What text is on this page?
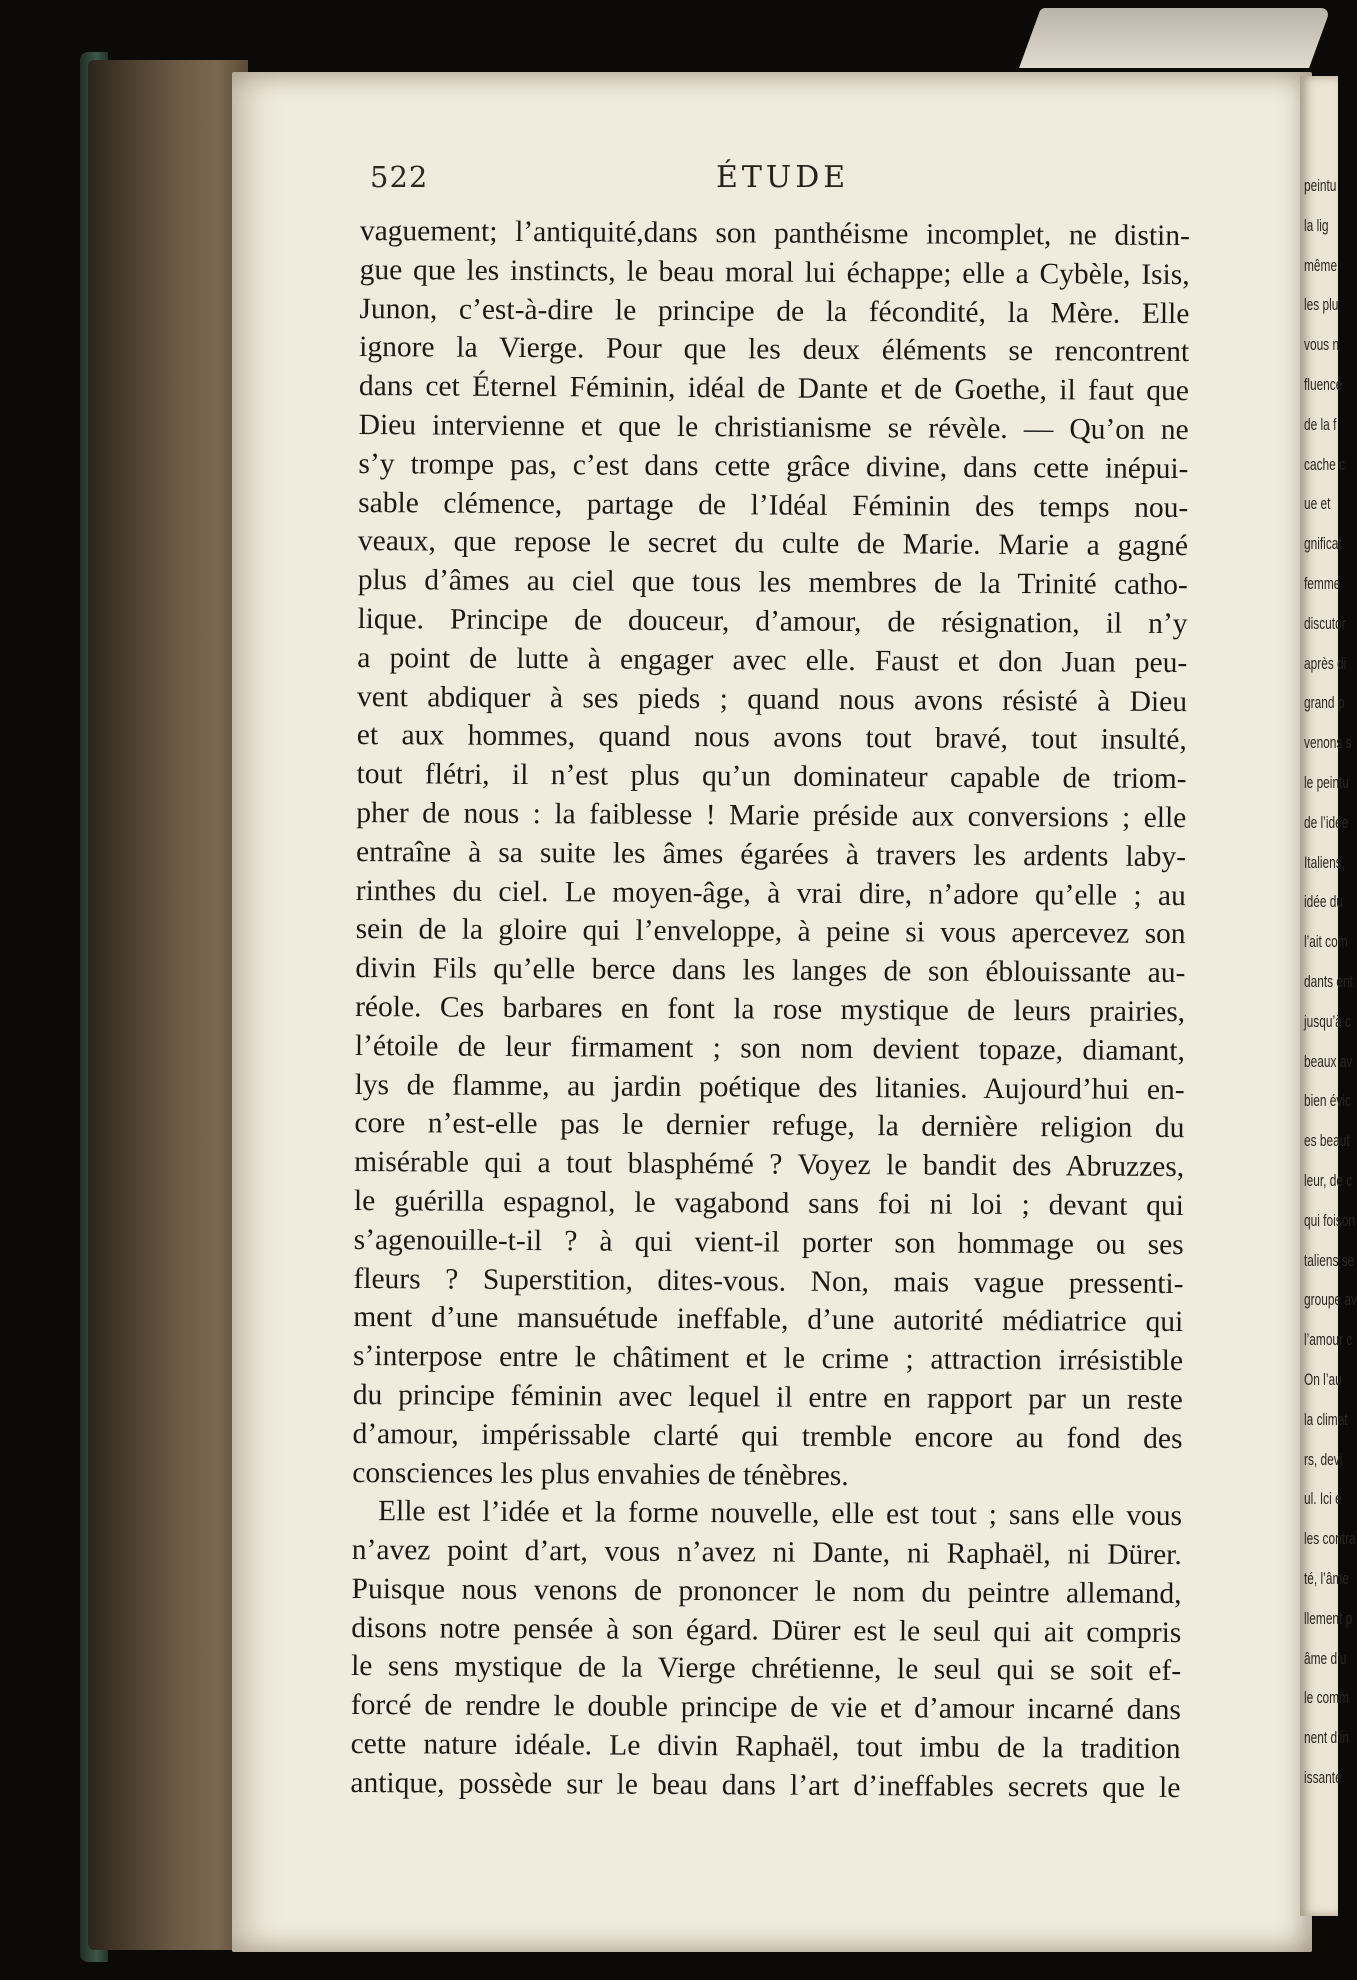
peintu
la lig
même
les plu
vous n
fluence
de la f
cache c
ue et
gnificat
femme
discutor
après di
grand p
venons s
le peintu
de l’idée
Italiens,
idée du
l’ait com
dants ent
jusqu’à c
beaux av
bien évic
es beaut
leur, de c
qui foison
taliens se
groupe av
l’amour c
On l’au
la climat
rs, devi
ul. Ici e
les contra
té, l’âme
llement p
âme d’u
le comm
nent d’in
issante
522	ÉTUDE
vaguement; l’antiquité,dans son panthéisme incomplet, ne distin-
gue que les instincts, le beau moral lui échappe; elle a Cybèle, Isis,
Junon, c’est-à-dire le principe de la fécondité, la Mère. Elle
ignore la Vierge. Pour que les deux éléments se rencontrent
dans cet Éternel Féminin, idéal de Dante et de Goethe, il faut que
Dieu intervienne et que le christianisme se révèle. — Qu’on ne
s’y trompe pas, c’est dans cette grâce divine, dans cette inépui-
sable clémence, partage de l’Idéal Féminin des temps nou-
veaux, que repose le secret du culte de Marie. Marie a gagné
plus d’âmes au ciel que tous les membres de la Trinité catho-
lique. Principe de douceur, d’amour, de résignation, il n’y
a point de lutte à engager avec elle. Faust et don Juan peu-
vent abdiquer à ses pieds ; quand nous avons résisté à Dieu
et aux hommes, quand nous avons tout bravé, tout insulté,
tout flétri, il n’est plus qu’un dominateur capable de triom-
pher de nous : la faiblesse ! Marie préside aux conversions ; elle
entraîne à sa suite les âmes égarées à travers les ardents laby-
rinthes du ciel. Le moyen-âge, à vrai dire, n’adore qu’elle ; au
sein de la gloire qui l’enveloppe, à peine si vous apercevez son
divin Fils qu’elle berce dans les langes de son éblouissante au-
réole. Ces barbares en font la rose mystique de leurs prairies,
l’étoile de leur firmament ; son nom devient topaze, diamant,
lys de flamme, au jardin poétique des litanies. Aujourd’hui en-
core n’est-elle pas le dernier refuge, la dernière religion du
misérable qui a tout blasphémé ? Voyez le bandit des Abruzzes,
le guérilla espagnol, le vagabond sans foi ni loi ; devant qui
s’agenouille-t-il ? à qui vient-il porter son hommage ou ses
fleurs ? Superstition, dites-vous. Non, mais vague pressenti-
ment d’une mansuétude ineffable, d’une autorité médiatrice qui
s’interpose entre le châtiment et le crime ; attraction irrésistible
du principe féminin avec lequel il entre en rapport par un reste
d’amour, impérissable clarté qui tremble encore au fond des
consciences les plus envahies de ténèbres.
Elle est l’idée et la forme nouvelle, elle est tout ; sans elle vous
n’avez point d’art, vous n’avez ni Dante, ni Raphaël, ni Dürer.
Puisque nous venons de prononcer le nom du peintre allemand,
disons notre pensée à son égard. Dürer est le seul qui ait compris
le sens mystique de la Vierge chrétienne, le seul qui se soit ef-
forcé de rendre le double principe de vie et d’amour incarné dans
cette nature idéale. Le divin Raphaël, tout imbu de la tradition
antique, possède sur le beau dans l’art d’ineffables secrets que le
